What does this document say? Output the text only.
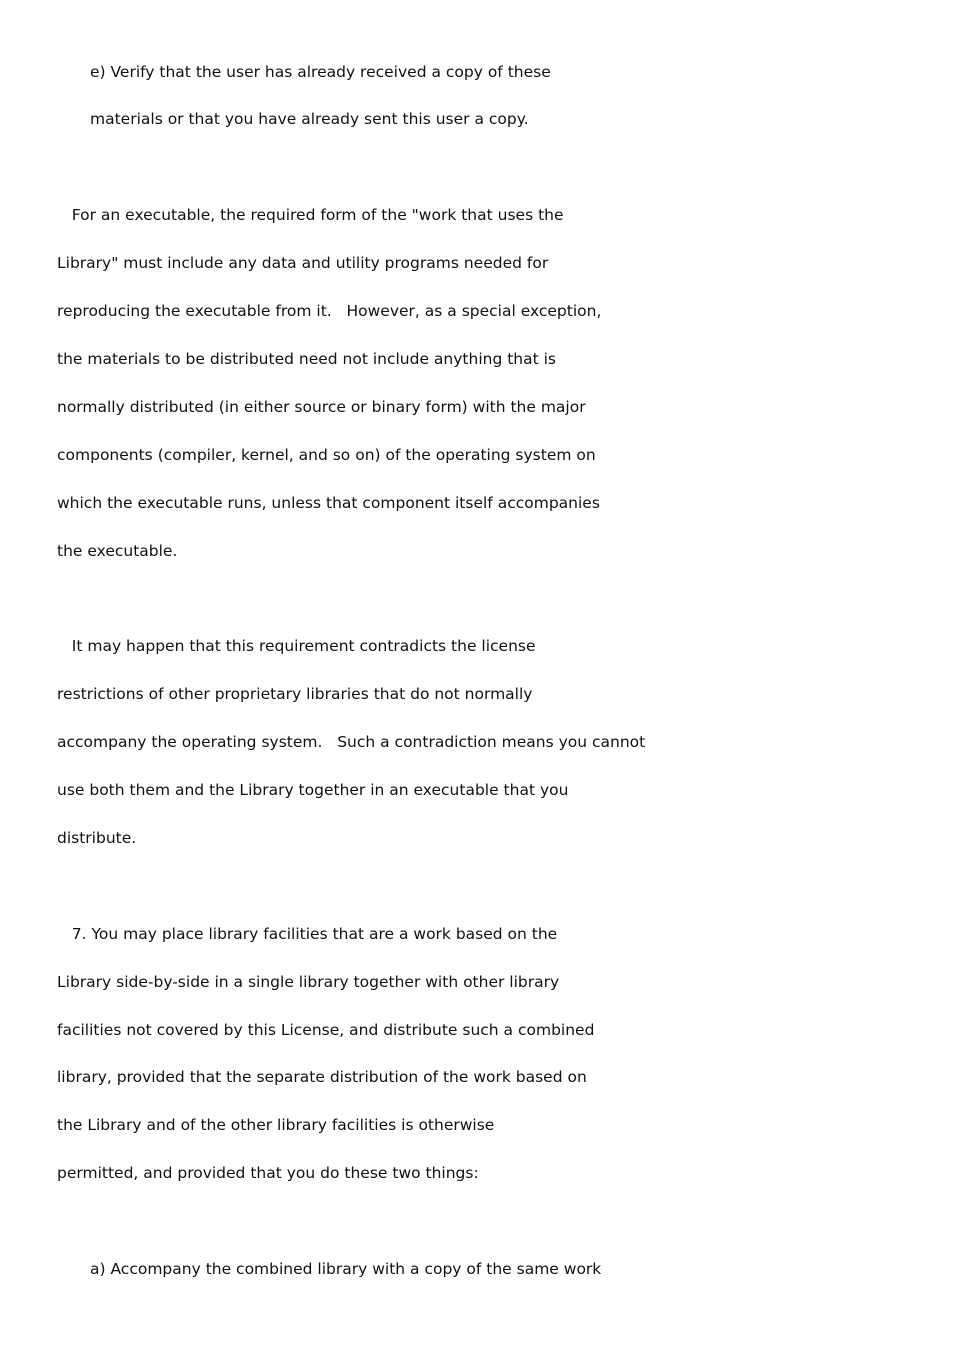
e) Verify that the user has already received a copy of these

materials or that you have already sent this user a copy.

For an executable, the required form of the "work that uses the

Library" must include any data and utility programs needed for

reproducing the executable from it.   However, as a special exception,

the materials to be distributed need not include anything that is

normally distributed (in either source or binary form) with the major

components (compiler, kernel, and so on) of the operating system on

which the executable runs, unless that component itself accompanies

the executable.

It may happen that this requirement contradicts the license

restrictions of other proprietary libraries that do not normally

accompany the operating system.   Such a contradiction means you cannot

use both them and the Library together in an executable that you

distribute.

7. You may place library facilities that are a work based on the

Library side-by-side in a single library together with other library

facilities not covered by this License, and distribute such a combined

library, provided that the separate distribution of the work based on

the Library and of the other library facilities is otherwise

permitted, and provided that you do these two things:

a) Accompany the combined library with a copy of the same work
